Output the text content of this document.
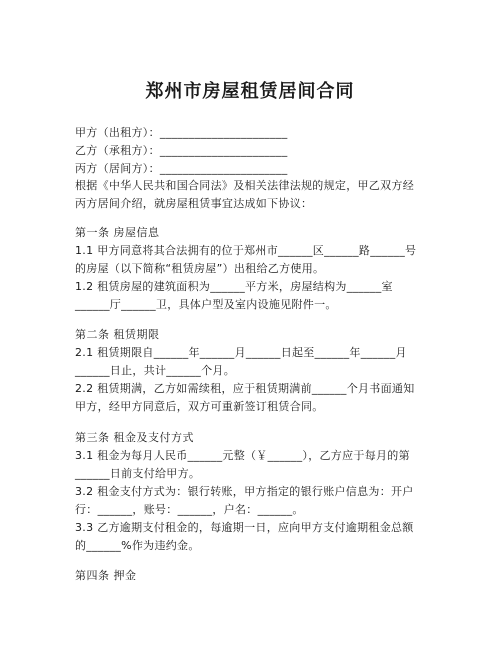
郑州市房屋租赁居间合同
甲方（出租方）：______________________
乙方（承租方）：______________________
丙方（居间方）：______________________
根据《中华人民共和国合同法》及相关法律法规的规定，甲乙双方经
丙方居间介绍，就房屋租赁事宜达成如下协议：
第一条 房屋信息
1.1 甲方同意将其合法拥有的位于郑州市______区______路______号
的房屋（以下简称“租赁房屋”）出租给乙方使用。
1.2 租赁房屋的建筑面积为______平方米，房屋结构为______室
______厅______卫，具体户型及室内设施见附件一。
第二条 租赁期限
2.1 租赁期限自______年______月______日起至______年______月
______日止，共计______个月。
2.2 租赁期满，乙方如需续租，应于租赁期满前______个月书面通知
甲方，经甲方同意后，双方可重新签订租赁合同。
第三条 租金及支付方式
3.1 租金为每月人民币______元整（￥______），乙方应于每月的第
______日前支付给甲方。
3.2 租金支付方式为：银行转账，甲方指定的银行账户信息为：开户
行：______，账号：______，户名：______。
3.3 乙方逾期支付租金的，每逾期一日，应向甲方支付逾期租金总额
的______%作为违约金。
第四条 押金
